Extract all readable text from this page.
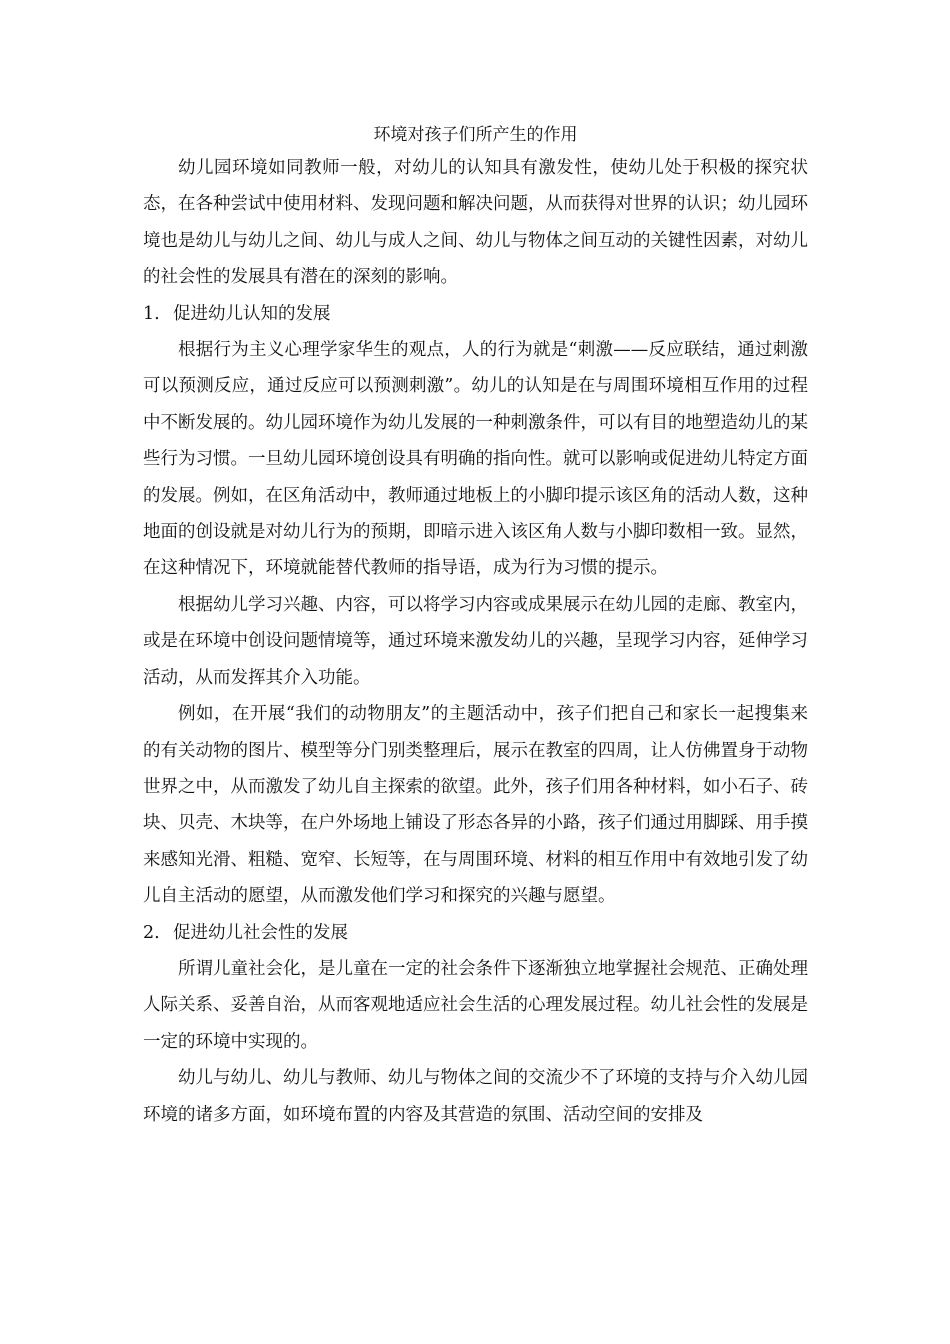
环境对孩子们所产生的作用

幼儿园环境如同教师一般，对幼儿的认知具有激发性，使幼儿处于积极的探究状态，在各种尝试中使用材料、发现问题和解决问题，从而获得对世界的认识；幼儿园环境也是幼儿与幼儿之间、幼儿与成人之间、幼儿与物体之间互动的关键性因素，对幼儿的社会性的发展具有潜在的深刻的影响。

1. 促进幼儿认知的发展

根据行为主义心理学家华生的观点，人的行为就是“刺激——反应联结，通过刺激可以预测反应，通过反应可以预测刺激”。幼儿的认知是在与周围环境相互作用的过程中不断发展的。幼儿园环境作为幼儿发展的一种刺激条件，可以有目的地塑造幼儿的某些行为习惯。一旦幼儿园环境创设具有明确的指向性。就可以影响或促进幼儿特定方面的发展。例如，在区角活动中，教师通过地板上的小脚印提示该区角的活动人数，这种地面的创设就是对幼儿行为的预期，即暗示进入该区角人数与小脚印数相一致。显然，在这种情况下，环境就能替代教师的指导语，成为行为习惯的提示。

根据幼儿学习兴趣、内容，可以将学习内容或成果展示在幼儿园的走廊、教室内，或是在环境中创设问题情境等，通过环境来激发幼儿的兴趣，呈现学习内容，延伸学习活动，从而发挥其介入功能。

例如，在开展“我们的动物朋友”的主题活动中，孩子们把自己和家长一起搜集来的有关动物的图片、模型等分门别类整理后，展示在教室的四周，让人仿佛置身于动物世界之中，从而激发了幼儿自主探索的欲望。此外，孩子们用各种材料，如小石子、砖块、贝壳、木块等，在户外场地上铺设了形态各异的小路，孩子们通过用脚踩、用手摸来感知光滑、粗糙、宽窄、长短等，在与周围环境、材料的相互作用中有效地引发了幼儿自主活动的愿望，从而激发他们学习和探究的兴趣与愿望。

2. 促进幼儿社会性的发展

所谓儿童社会化，是儿童在一定的社会条件下逐渐独立地掌握社会规范、正确处理人际关系、妥善自治，从而客观地适应社会生活的心理发展过程。幼儿社会性的发展是一定的环境中实现的。

幼儿与幼儿、幼儿与教师、幼儿与物体之间的交流少不了环境的支持与介入幼儿园环境的诸多方面，如环境布置的内容及其营造的氛围、活动空间的安排及
